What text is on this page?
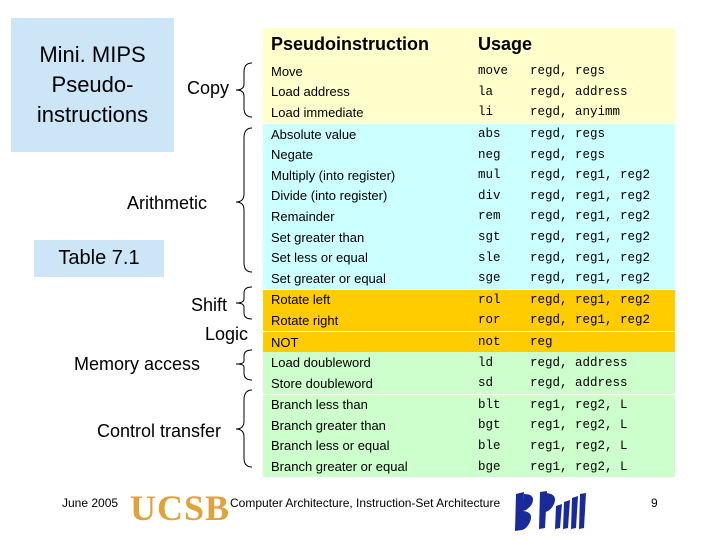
Mini. MIPS
Pseudo-
instructions
Copy
Arithmetic
Table 7.1
Shift
Logic
Memory access
Control transfer
Pseudoinstruction	Usage
Move	move regd, regs
Load address	la regd, address
Load immediate	li regd, anyimm
Absolute value	abs regd, regs
Negate	neg regd, regs
Multiply (into register)	mul regd, reg1, reg2
Divide (into register)	div regd, reg1, reg2
Remainder	rem regd, reg1, reg2
Set greater than	sgt regd, reg1, reg2
Set less or equal	sle regd, reg1, reg2
Set greater or equal	sge regd, reg1, reg2
Rotate left	rol regd, reg1, reg2
Rotate right	ror regd, reg1, reg2
NOT	not reg
Load doubleword	ld regd, address
Store doubleword	sd regd, address
Branch less than	blt reg1, reg2, L
Branch greater than	bgt reg1, reg2, L
Branch less or equal	ble reg1, reg2, L
Branch greater or equal	bge reg1, reg2, L
June 2005 UCSB Computer Architecture, Instruction-Set Architecture	9
